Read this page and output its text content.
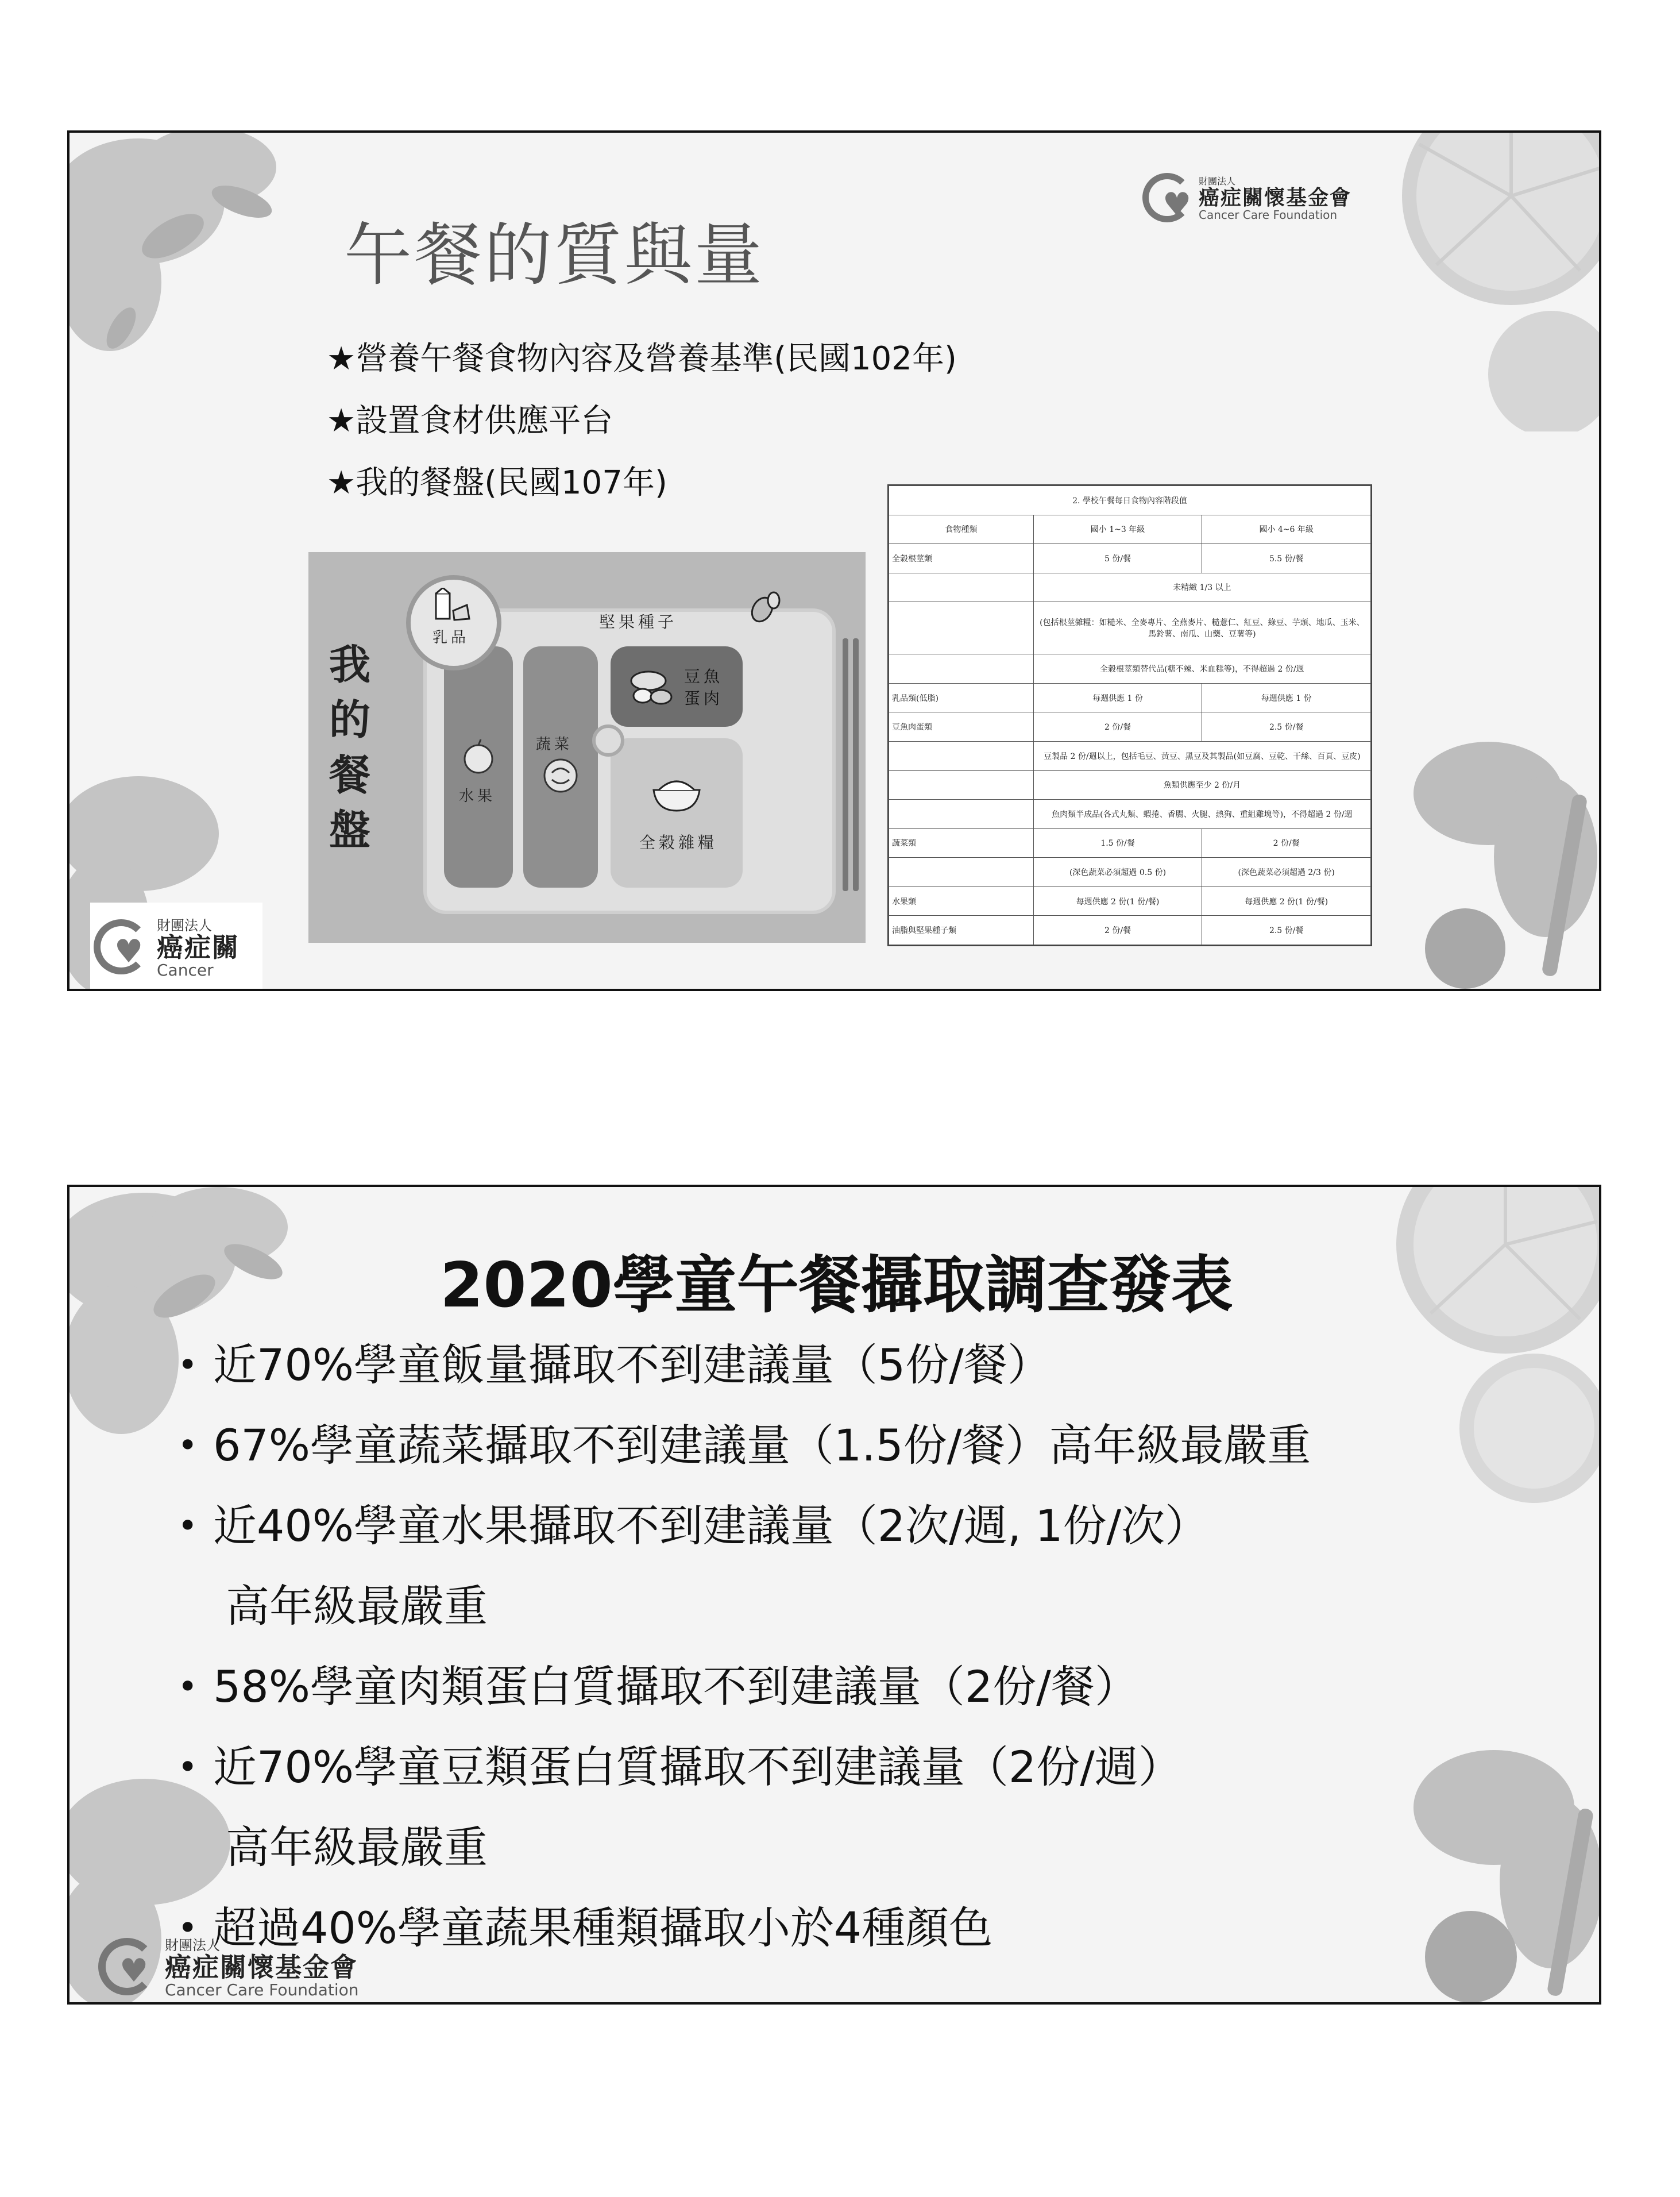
♥
財團法人
癌症關懷基金會
Cancer Care Foundation
午餐的質與量
★營養午餐食物內容及營養基準(民國102年)
★設置食材供應平台
★我的餐盤(民國107年)
我的餐盤
水果
蔬菜
豆魚蛋肉
全穀雜糧
乳品
堅果種子
2. 學校午餐每日食物內容階段值		
食物種類	國小 1~3 年級	國小 4~6 年級
全穀根莖類	5 份/餐	5.5 份/餐
	未精緻 1/3 以上	
	(包括根莖雜糧：如糙米、全麥專片、全燕麥片、糙薏仁、紅豆、綠豆、芋頭、地瓜、玉米、馬鈴薯、南瓜、山藥、豆薯等)	
	全穀根莖類替代品(糖不辣、米血糕等)，不得超過 2 份/週	
乳品類(低脂)	每週供應 1 份	每週供應 1 份
豆魚肉蛋類	2 份/餐	2.5 份/餐
	豆製品 2 份/週以上，包括毛豆、黃豆、黑豆及其製品(如豆腐、豆乾、干絲、百頁、豆皮)	
	魚類供應至少 2 份/月	
	魚肉類半成品(各式丸類、蝦捲、香腸、火腿、熱狗、重組雞塊等)，不得超過 2 份/週	
蔬菜類	1.5 份/餐	2 份/餐
	(深色蔬菜必須超過 0.5 份)	(深色蔬菜必須超過 2/3 份)
水果類	每週供應 2 份(1 份/餐)	每週供應 2 份(1 份/餐)
油脂與堅果種子類	2 份/餐	2.5 份/餐
♥
財團法人
癌症關
Cancer
2020學童午餐攝取調查發表
• 近70%學童飯量攝取不到建議量（5份/餐）
• 67%學童蔬菜攝取不到建議量（1.5份/餐）高年級最嚴重
• 近40%學童水果攝取不到建議量（2次/週, 1份/次）
高年級最嚴重
• 58%學童肉類蛋白質攝取不到建議量（2份/餐）
• 近70%學童豆類蛋白質攝取不到建議量（2份/週）
高年級最嚴重
• 超過40%學童蔬果種類攝取小於4種顏色
♥
財團法人
癌症關懷基金會
Cancer Care Foundation
